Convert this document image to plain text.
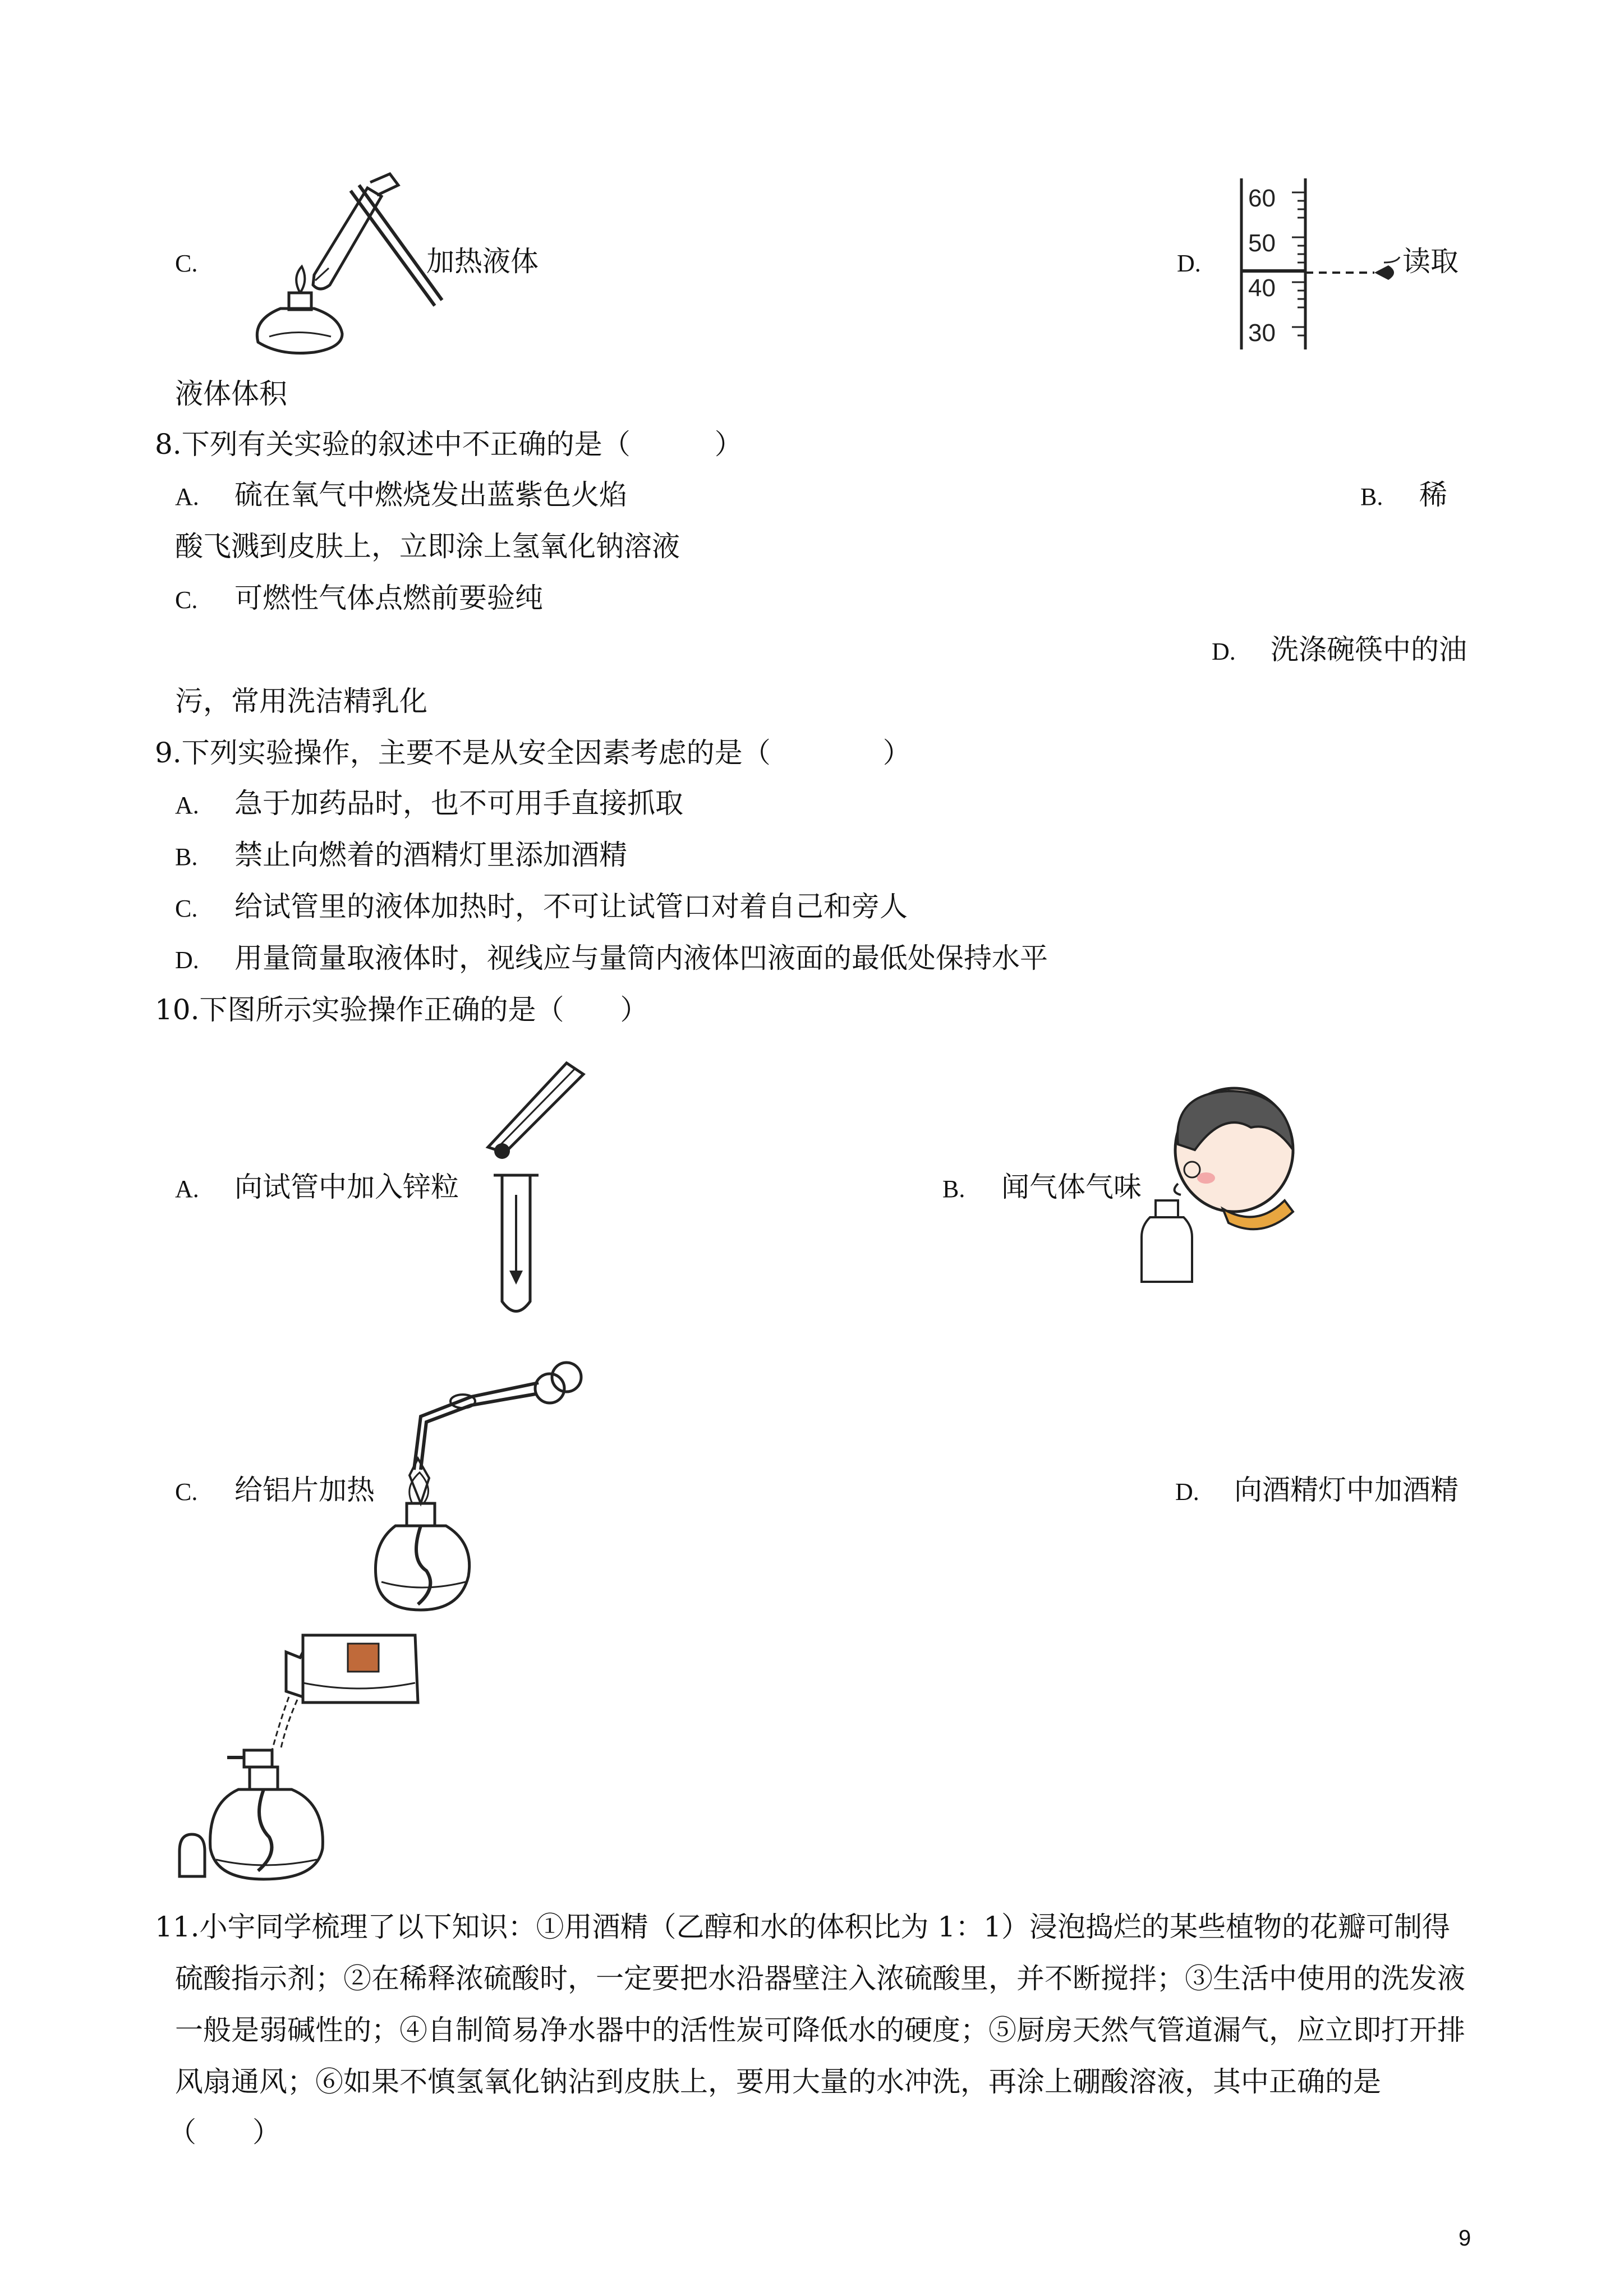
C.	加热液体	D.
60
50
40
30
读取
液体体积
8.下列有关实验的叙述中不正确的是（　　　）
A. 硫在氧气中燃烧发出蓝紫色火焰	B. 稀
酸飞溅到皮肤上，立即涂上氢氧化钠溶液
C. 可燃性气体点燃前要验纯
D. 洗涤碗筷中的油
污，常用洗洁精乳化
9.下列实验操作，主要不是从安全因素考虑的是（　　　　）
A. 急于加药品时，也不可用手直接抓取
B. 禁止向燃着的酒精灯里添加酒精
C. 给试管里的液体加热时，不可让试管口对着自己和旁人
D. 用量筒量取液体时，视线应与量筒内液体凹液面的最低处保持水平
10.下图所示实验操作正确的是（　　）
A. 向试管中加入锌粒	B. 闻气体气味
C. 给铝片加热	D. 向酒精灯中加酒精
11.小宇同学梳理了以下知识：①用酒精（乙醇和水的体积比为 1：1）浸泡捣烂的某些植物的花瓣可制得
硫酸指示剂；②在稀释浓硫酸时，一定要把水沿器壁注入浓硫酸里，并不断搅拌；③生活中使用的洗发液
一般是弱碱性的；④自制简易净水器中的活性炭可降低水的硬度；⑤厨房天然气管道漏气，应立即打开排
风扇通风；⑥如果不慎氢氧化钠沾到皮肤上，要用大量的水冲洗，再涂上硼酸溶液，其中正确的是
（　　）
9
